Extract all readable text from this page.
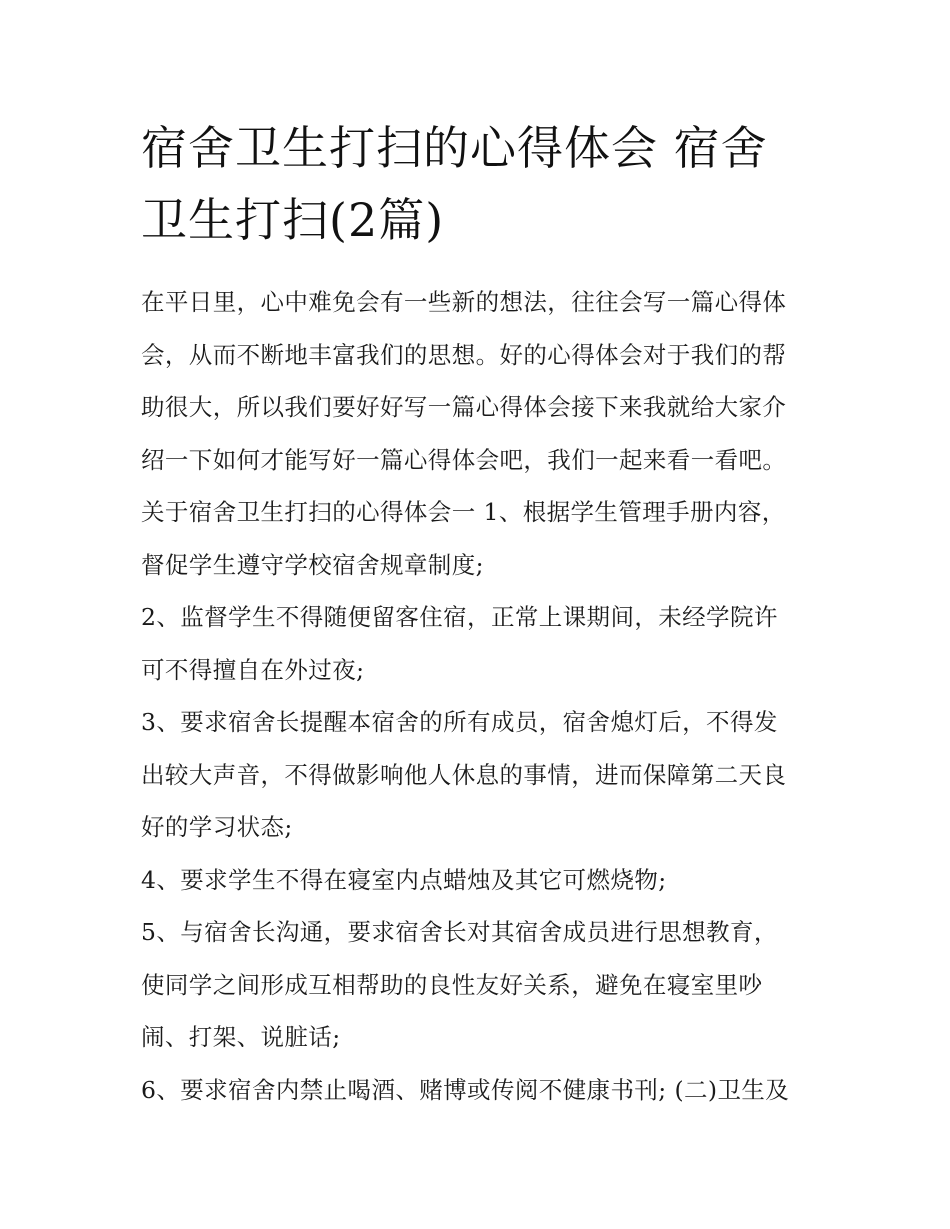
宿舍卫生打扫的心得体会 宿舍
卫生打扫(2篇)

在平日里，心中难免会有一些新的想法，往往会写一篇心得体
会，从而不断地丰富我们的思想。好的心得体会对于我们的帮
助很大，所以我们要好好写一篇心得体会接下来我就给大家介
绍一下如何才能写好一篇心得体会吧，我们一起来看一看吧。
关于宿舍卫生打扫的心得体会一 1、根据学生管理手册内容，
督促学生遵守学校宿舍规章制度;

2、监督学生不得随便留客住宿，正常上课期间，未经学院许
可不得擅自在外过夜;

3、要求宿舍长提醒本宿舍的所有成员，宿舍熄灯后，不得发
出较大声音，不得做影响他人休息的事情，进而保障第二天良
好的学习状态;

4、要求学生不得在寝室内点蜡烛及其它可燃烧物;

5、与宿舍长沟通，要求宿舍长对其宿舍成员进行思想教育，
使同学之间形成互相帮助的良性友好关系，避免在寝室里吵
闹、打架、说脏话;

6、要求宿舍内禁止喝酒、赌博或传阅不健康书刊; (二)卫生及
